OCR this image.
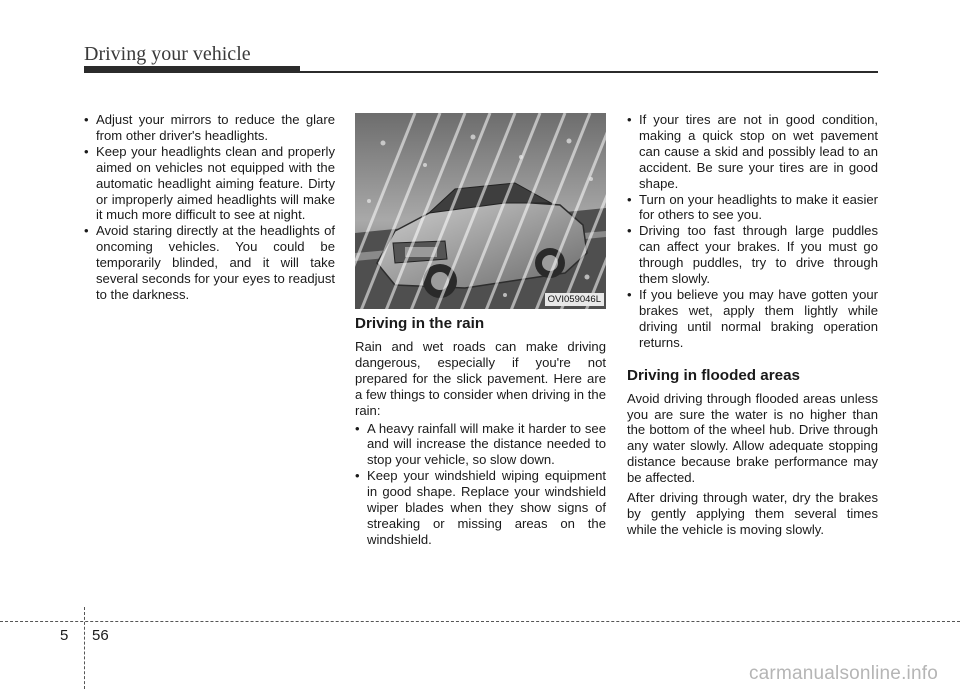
Driving your vehicle
• Adjust your mirrors to reduce the glare from other driver's headlights.
• Keep your headlights clean and properly aimed on vehicles not equipped with the automatic headlight aiming feature. Dirty or improperly aimed headlights will make it much more difficult to see at night.
• Avoid staring directly at the headlights of oncoming vehicles. You could be temporarily blinded, and it will take several seconds for your eyes to readjust to the darkness.	OVI059046L
Driving in the rain
Rain and wet roads can make driving dangerous, especially if you're not prepared for the slick pavement. Here are a few things to consider when driving in the rain:
• A heavy rainfall will make it harder to see and will increase the distance needed to stop your vehicle, so slow down.
• Keep your windshield wiping equipment in good shape. Replace your windshield wiper blades when they show signs of streaking or missing areas on the windshield.
• If your tires are not in good condition, making a quick stop on wet pavement can cause a skid and possibly lead to an accident. Be sure your tires are in good shape.
• Turn on your headlights to make it easier for others to see you.
• Driving too fast through large puddles can affect your brakes. If you must go through puddles, try to drive through them slowly.
• If you believe you may have gotten your brakes wet, apply them lightly while driving until normal braking operation returns.
Driving in flooded areas
Avoid driving through flooded areas unless you are sure the water is no higher than the bottom of the wheel hub. Drive through any water slowly. Allow adequate stopping distance because brake performance may be affected.
After driving through water, dry the brakes by gently applying them several times while the vehicle is moving slowly.
5 56
carmanualsonline.info
